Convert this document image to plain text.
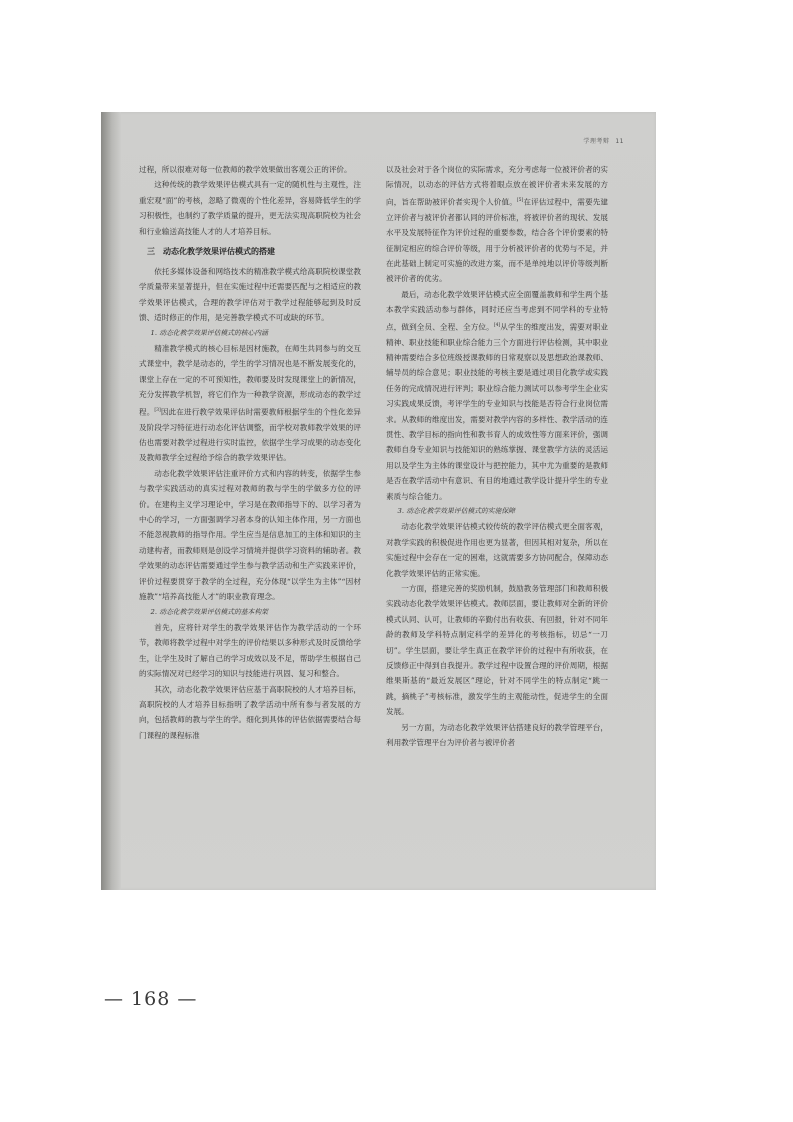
学理考辩 11

过程，所以很难对每一位教师的教学效果做出客观公正的评价。

这种传统的教学效果评估模式具有一定的随机性与主观性，注重宏观“面”的考核，忽略了微观的个性化差异，容易降低学生的学习积极性，也制约了教学质量的提升，更无法实现高职院校为社会和行业输送高技能人才的人才培养目标。

三　动态化教学效果评估模式的搭建

依托多媒体设备和网络技术的精准教学模式给高职院校课堂教学质量带来显著提升，但在实施过程中还需要匹配与之相适应的教学效果评估模式，合理的教学评估对于教学过程能够起到及时反馈、适时修正的作用，是完善教学模式不可或缺的环节。

1. 动态化教学效果评估模式的核心内涵

精准教学模式的核心目标是因材施教，在师生共同参与的交互式课堂中，教学是动态的，学生的学习情况也是不断发展变化的，课堂上存在一定的不可预知性，教师要及时发现课堂上的新情况，充分发挥教学机智，将它们作为一种教学资源，形成动态的教学过程。[3]因此在进行教学效果评估时需要教师根据学生的个性化差异及阶段学习特征进行动态化评估调整，而学校对教师教学效果的评估也需要对教学过程进行实时监控，依据学生学习成果的动态变化及教师教学全过程给予综合的教学效果评估。

动态化教学效果评估注重评价方式和内容的转变，依据学生参与教学实践活动的真实过程对教师的教与学生的学做多方位的评价。在建构主义学习理论中，学习是在教师指导下的、以学习者为中心的学习，一方面强调学习者本身的认知主体作用，另一方面也不能忽视教师的指导作用。学生应当是信息加工的主体和知识的主动建构者，而教师则是创设学习情境并提供学习资料的辅助者。教学效果的动态评估需要通过学生参与教学活动和生产实践来评价，评价过程要贯穿于教学的全过程，充分体现“以学生为主体”“因材施教”“培养高技能人才”的职业教育理念。

2. 动态化教学效果评估模式的基本构架

首先，应将针对学生的教学效果评估作为教学活动的一个环节，教师将教学过程中对学生的评价结果以多种形式及时反馈给学生，让学生及时了解自己的学习成效以及不足，帮助学生根据自己的实际情况对已经学习的知识与技能进行巩固、复习和整合。

其次，动态化教学效果评估应基于高职院校的人才培养目标，高职院校的人才培养目标指明了教学活动中所有参与者发展的方向，包括教师的教与学生的学。细化到具体的评估依据需要结合每门课程的课程标准

以及社会对于各个岗位的实际需求，充分考虑每一位被评价者的实际情况，以动态的评估方式将着眼点放在被评价者未来发展的方向，旨在帮助被评价者实现个人价值。[5]在评估过程中，需要先建立评价者与被评价者都认同的评价标准，将被评价者的现状、发展水平及发展特征作为评价过程的重要参数，结合各个评价要素的特征制定相应的综合评价等级，用于分析被评价者的优势与不足，并在此基础上制定可实施的改进方案，而不是单纯地以评价等级判断被评价者的优劣。

最后，动态化教学效果评估模式应全面覆盖教师和学生两个基本教学实践活动参与群体，同时还应当考虑到不同学科的专业特点，做到全员、全程、全方位。[4]从学生的维度出发，需要对职业精神、职业技能和职业综合能力三个方面进行评估检测，其中职业精神需要结合多位班级授课教师的日常观察以及思想政治课教师、辅导员的综合意见；职业技能的考核主要是通过项目化教学或实践任务的完成情况进行评判；职业综合能力测试可以参考学生企业实习实践成果反馈，考评学生的专业知识与技能是否符合行业岗位需求。从教师的维度出发，需要对教学内容的多样性、教学活动的连贯性、教学目标的指向性和教书育人的成效性等方面来评价，强调教师自身专业知识与技能知识的熟练掌握、课堂教学方法的灵活运用以及学生为主体的课堂设计与把控能力，其中尤为重要的是教师是否在教学活动中有意识、有目的地通过教学设计提升学生的专业素质与综合能力。

3. 动态化教学效果评估模式的实施保障

动态化教学效果评估模式较传统的教学评估模式更全面客观，对教学实践的积极促进作用也更为显著，但因其相对复杂，所以在实施过程中会存在一定的困难，这就需要多方协同配合，保障动态化教学效果评估的正常实施。

一方面，搭建完善的奖励机制，鼓励教务管理部门和教师积极实践动态化教学效果评估模式。教师层面，要让教师对全新的评价模式认同、认可，让教师的辛勤付出有收获、有回报，针对不同年龄的教师及学科特点制定科学的差异化的考核指标，切忌“一刀切”。学生层面，要让学生真正在教学评价的过程中有所收获，在反馈修正中得到自我提升。教学过程中设置合理的评价周期，根据维果斯基的“最近发展区”理论，针对不同学生的特点制定“跳一跳，摘桃子”考核标准，激发学生的主观能动性，促进学生的全面发展。

另一方面，为动态化教学效果评估搭建良好的教学管理平台，利用教学管理平台为评价者与被评价者

— 168 —
